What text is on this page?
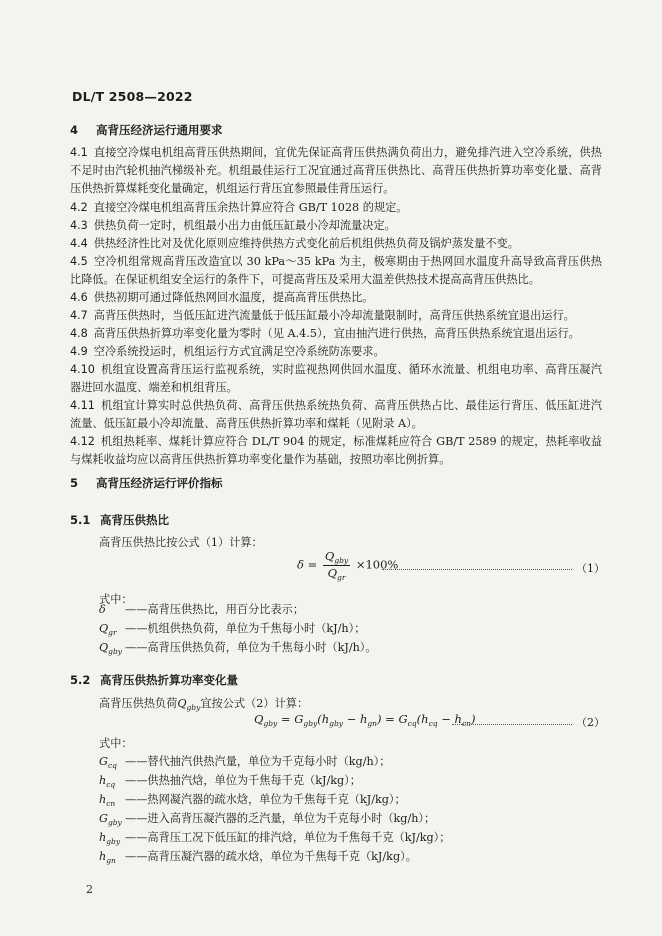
DL/T 2508—2022
4 高背压经济运行通用要求
4.1 直接空冷煤电机组高背压供热期间，宜优先保证高背压供热满负荷出力，避免排汽进入空冷系统，供热不足时由汽轮机抽汽梯级补充。机组最佳运行工况宜通过高背压供热比、高背压供热折算功率变化量、高背压供热折算煤耗变化量确定，机组运行背压宜参照最佳背压运行。
4.2 直接空冷煤电机组高背压余热计算应符合 GB/T 1028 的规定。
4.3 供热负荷一定时，机组最小出力由低压缸最小冷却流量决定。
4.4 供热经济性比对及优化原则应维持供热方式变化前后机组供热负荷及锅炉蒸发量不变。
4.5 空冷机组常规高背压改造宜以 30 kPa～35 kPa 为主，极寒期由于热网回水温度升高导致高背压供热比降低。在保证机组安全运行的条件下，可提高背压及采用大温差供热技术提高高背压供热比。
4.6 供热初期可通过降低热网回水温度，提高高背压供热比。
4.7 高背压供热时，当低压缸进汽流量低于低压缸最小冷却流量限制时，高背压供热系统宜退出运行。
4.8 高背压供热折算功率变化量为零时（见 A.4.5），宜由抽汽进行供热，高背压供热系统宜退出运行。
4.9 空冷系统投运时，机组运行方式宜满足空冷系统防冻要求。
4.10 机组宜设置高背压运行监视系统，实时监视热网供回水温度、循环水流量、机组电功率、高背压凝汽器进回水温度、端差和机组背压。
4.11 机组宜计算实时总供热负荷、高背压供热系统热负荷、高背压供热占比、最佳运行背压、低压缸进汽流量、低压缸最小冷却流量、高背压供热折算功率和煤耗（见附录 A）。
4.12 机组热耗率、煤耗计算应符合 DL/T 904 的规定，标准煤耗应符合 GB/T 2589 的规定，热耗率收益与煤耗收益均应以高背压供热折算功率变化量作为基础，按照功率比例折算。
5 高背压经济运行评价指标
5.1 高背压供热比
高背压供热比按公式（1）计算：
$\delta = \frac{Q_{gby}}{Q_{gr}} \times 100\%$	（1）
式中：
δ ——高背压供热比，用百分比表示；
$Q_{gr}$ ——机组供热负荷，单位为千焦每小时（kJ/h）；
$Q_{gby}$ ——高背压供热负荷，单位为千焦每小时（kJ/h）。
5.2 高背压供热折算功率变化量
高背压供热负荷$Q_{gby}$宜按公式（2）计算：
$Q_{gby} = G_{gby}(h_{gby} - h_{gn}) = G_{cq}(h_{cq} - h_{cn})$	（2）
式中：
$G_{cq}$ ——替代抽汽供热汽量，单位为千克每小时（kg/h）；
$h_{cq}$ ——供热抽汽焓，单位为千焦每千克（kJ/kg）；
$h_{cn}$ ——热网凝汽器的疏水焓，单位为千焦每千克（kJ/kg）；
$G_{gby}$ ——进入高背压凝汽器的乏汽量，单位为千克每小时（kg/h）；
$h_{gby}$ ——高背压工况下低压缸的排汽焓，单位为千焦每千克（kJ/kg）；
$h_{gn}$ ——高背压凝汽器的疏水焓，单位为千焦每千克（kJ/kg）。
2
